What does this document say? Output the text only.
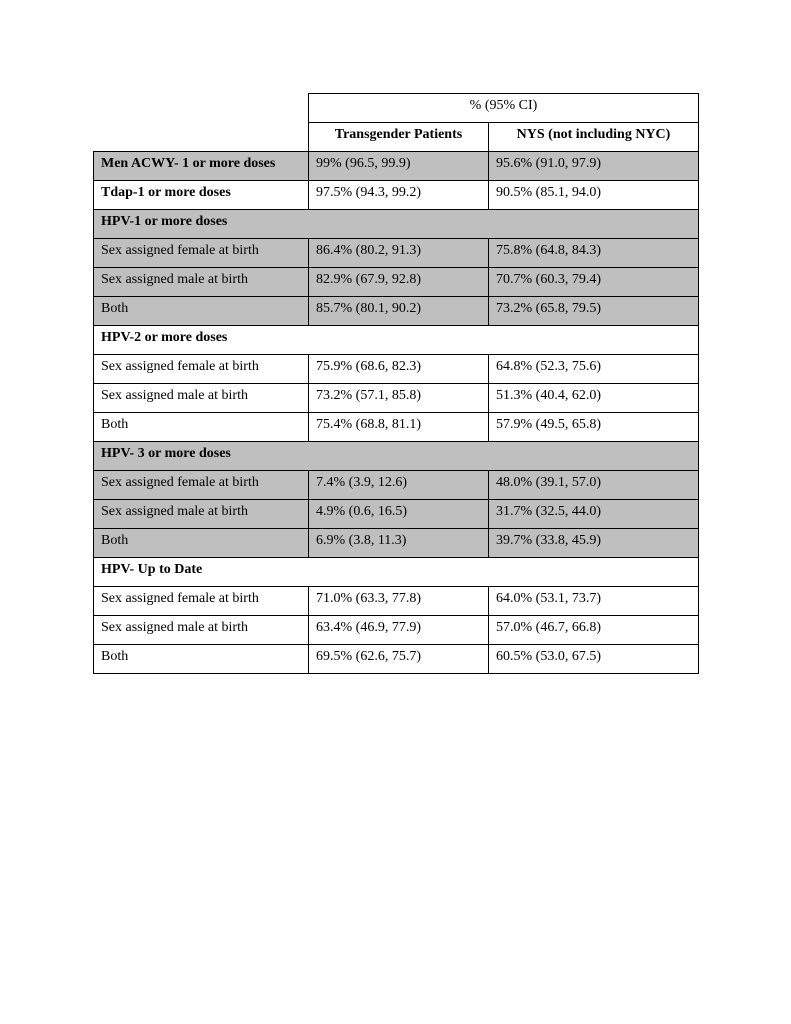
	% (95% CI)	
	Transgender Patients	NYS (not including NYC)
Men ACWY- 1 or more doses	99% (96.5, 99.9)	95.6% (91.0, 97.9)
Tdap-1 or more doses	97.5% (94.3, 99.2)	90.5% (85.1, 94.0)
HPV-1 or more doses		
Sex assigned female at birth	86.4% (80.2, 91.3)	75.8% (64.8, 84.3)
Sex assigned male at birth	82.9% (67.9, 92.8)	70.7% (60.3, 79.4)
Both	85.7% (80.1, 90.2)	73.2% (65.8, 79.5)
HPV-2 or more doses		
Sex assigned female at birth	75.9% (68.6, 82.3)	64.8% (52.3, 75.6)
Sex assigned male at birth	73.2% (57.1, 85.8)	51.3% (40.4, 62.0)
Both	75.4% (68.8, 81.1)	57.9% (49.5, 65.8)
HPV- 3 or more doses		
Sex assigned female at birth	7.4% (3.9, 12.6)	48.0% (39.1, 57.0)
Sex assigned male at birth	4.9% (0.6, 16.5)	31.7% (32.5, 44.0)
Both	6.9% (3.8, 11.3)	39.7% (33.8, 45.9)
HPV- Up to Date		
Sex assigned female at birth	71.0% (63.3, 77.8)	64.0% (53.1, 73.7)
Sex assigned male at birth	63.4% (46.9, 77.9)	57.0% (46.7, 66.8)
Both	69.5% (62.6, 75.7)	60.5% (53.0, 67.5)
